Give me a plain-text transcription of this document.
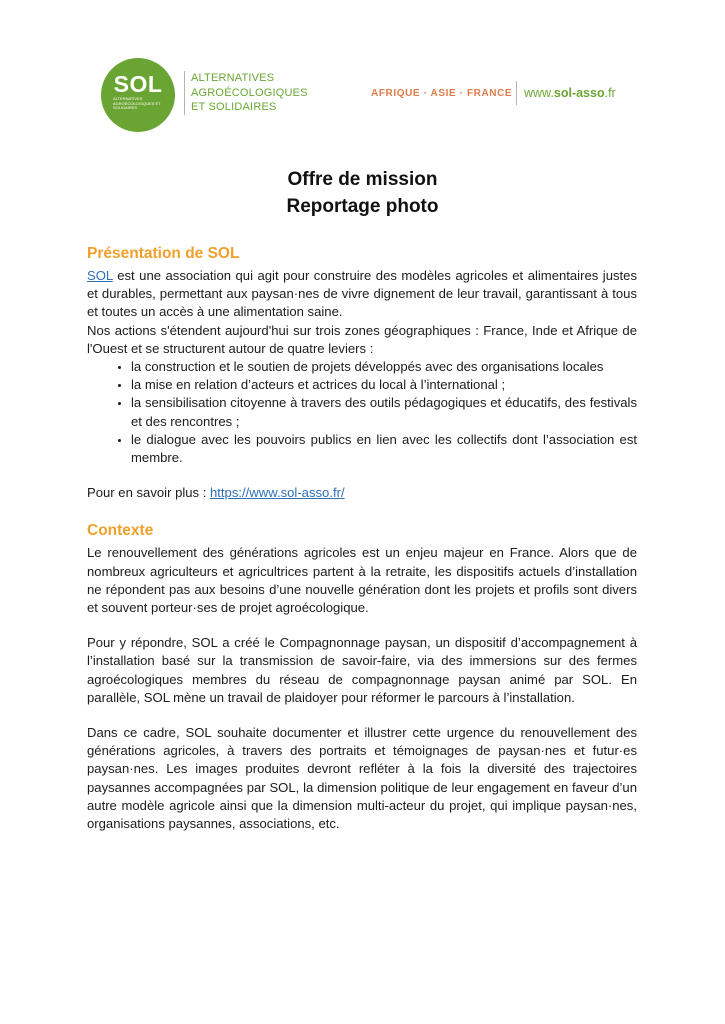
SOL
ALTERNATIVES AGROÉCOLOGIQUES ET SOLIDAIRES
ALTERNATIVES
AGROÉCOLOGIQUES
ET SOLIDAIRES
AFRIQUE · ASIE · FRANCE www.sol-asso.fr
Offre de mission
Reportage photo
Présentation de SOL

SOL est une association qui agit pour construire des modèles agricoles et alimentaires justes et durables, permettant aux paysan·nes de vivre dignement de leur travail, garantissant à tous et toutes un accès à une alimentation saine.

Nos actions s'étendent aujourd'hui sur trois zones géographiques : France, Inde et Afrique de l'Ouest et se structurent autour de quatre leviers :

• la construction et le soutien de projets développés avec des organisations locales
• la mise en relation d’acteurs et actrices du local à l’international ;
• la sensibilisation citoyenne à travers des outils pédagogiques et éducatifs, des festivals et des rencontres ;
• le dialogue avec les pouvoirs publics en lien avec les collectifs dont l’association est membre.

Pour en savoir plus : https://www.sol-asso.fr/

Contexte

Le renouvellement des générations agricoles est un enjeu majeur en France. Alors que de nombreux agriculteurs et agricultrices partent à la retraite, les dispositifs actuels d’installation ne répondent pas aux besoins d’une nouvelle génération dont les projets et profils sont divers et souvent porteur·ses de projet agroécologique.

Pour y répondre, SOL a créé le Compagnonnage paysan, un dispositif d’accompagnement à l’installation basé sur la transmission de savoir-faire, via des immersions sur des fermes agroécologiques membres du réseau de compagnonnage paysan animé par SOL. En parallèle, SOL mène un travail de plaidoyer pour réformer le parcours à l’installation.

Dans ce cadre, SOL souhaite documenter et illustrer cette urgence du renouvellement des générations agricoles, à travers des portraits et témoignages de paysan·nes et futur·es paysan·nes. Les images produites devront refléter à la fois la diversité des trajectoires paysannes accompagnées par SOL, la dimension politique de leur engagement en faveur d’un autre modèle agricole ainsi que la dimension multi-acteur du projet, qui implique paysan·nes, organisations paysannes, associations, etc.
